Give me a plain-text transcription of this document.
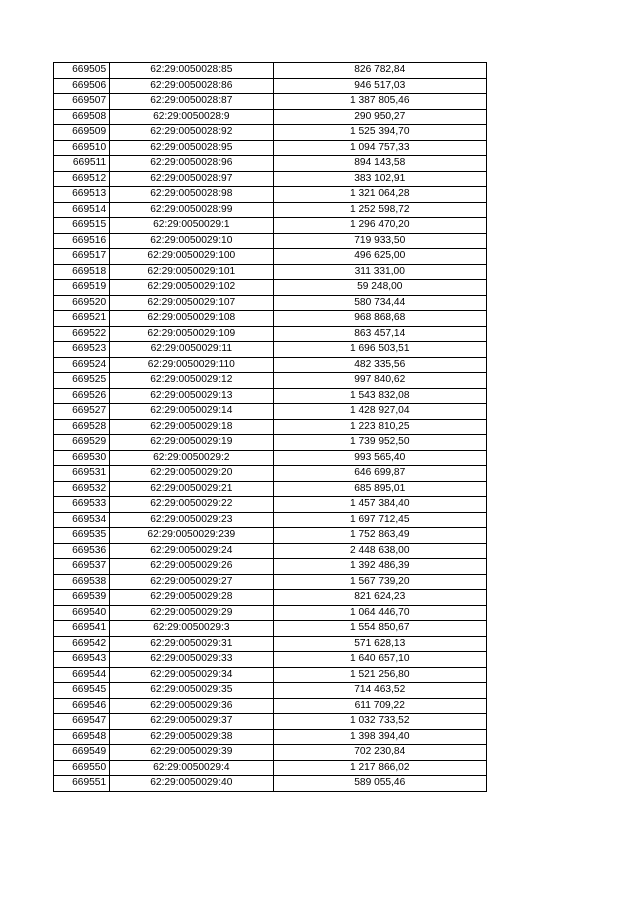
669505	62:29:0050028:85	826 782,84
669506	62:29:0050028:86	946 517,03
669507	62:29:0050028:87	1 387 805,46
669508	62:29:0050028:9	290 950,27
669509	62:29:0050028:92	1 525 394,70
669510	62:29:0050028:95	1 094 757,33
669511	62:29:0050028:96	894 143,58
669512	62:29:0050028:97	383 102,91
669513	62:29:0050028:98	1 321 064,28
669514	62:29:0050028:99	1 252 598,72
669515	62:29:0050029:1	1 296 470,20
669516	62:29:0050029:10	719 933,50
669517	62:29:0050029:100	496 625,00
669518	62:29:0050029:101	311 331,00
669519	62:29:0050029:102	59 248,00
669520	62:29:0050029:107	580 734,44
669521	62:29:0050029:108	968 868,68
669522	62:29:0050029:109	863 457,14
669523	62:29:0050029:11	1 696 503,51
669524	62:29:0050029:110	482 335,56
669525	62:29:0050029:12	997 840,62
669526	62:29:0050029:13	1 543 832,08
669527	62:29:0050029:14	1 428 927,04
669528	62:29:0050029:18	1 223 810,25
669529	62:29:0050029:19	1 739 952,50
669530	62:29:0050029:2	993 565,40
669531	62:29:0050029:20	646 699,87
669532	62:29:0050029:21	685 895,01
669533	62:29:0050029:22	1 457 384,40
669534	62:29:0050029:23	1 697 712,45
669535	62:29:0050029:239	1 752 863,49
669536	62:29:0050029:24	2 448 638,00
669537	62:29:0050029:26	1 392 486,39
669538	62:29:0050029:27	1 567 739,20
669539	62:29:0050029:28	821 624,23
669540	62:29:0050029:29	1 064 446,70
669541	62:29:0050029:3	1 554 850,67
669542	62:29:0050029:31	571 628,13
669543	62:29:0050029:33	1 640 657,10
669544	62:29:0050029:34	1 521 256,80
669545	62:29:0050029:35	714 463,52
669546	62:29:0050029:36	611 709,22
669547	62:29:0050029:37	1 032 733,52
669548	62:29:0050029:38	1 398 394,40
669549	62:29:0050029:39	702 230,84
669550	62:29:0050029:4	1 217 866,02
669551	62:29:0050029:40	589 055,46
